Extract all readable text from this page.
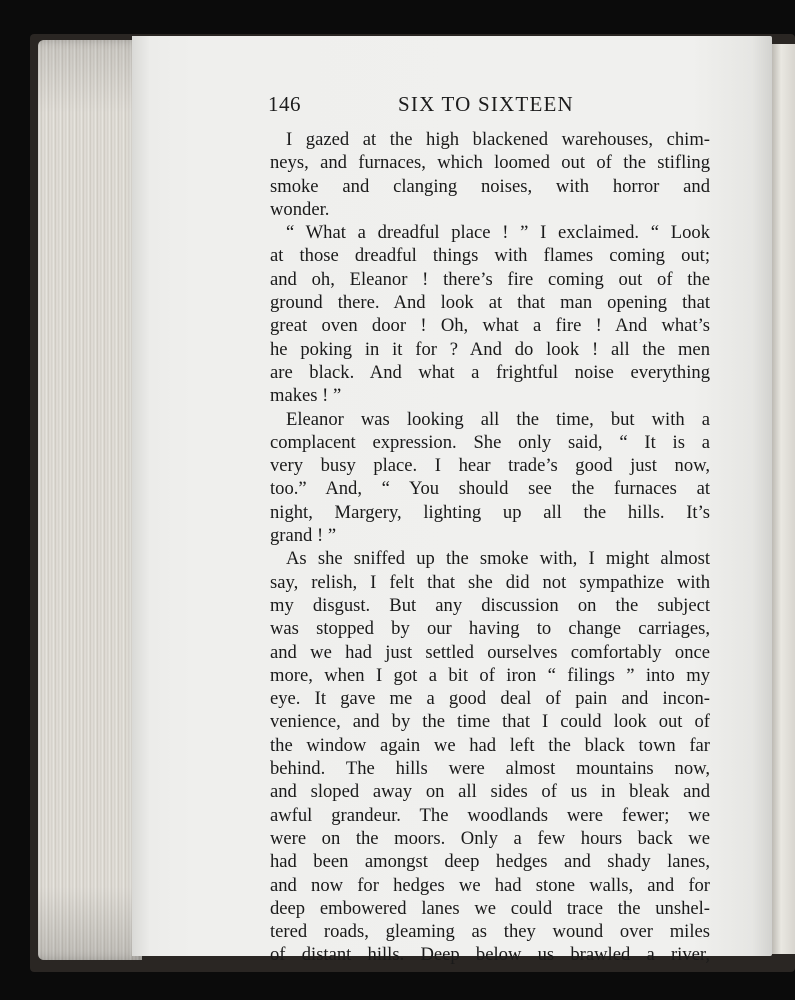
146	SIX TO SIXTEEN
I gazed at the high blackened warehouses, chim-
neys, and furnaces, which loomed out of the stifling
smoke and clanging noises, with horror and
wonder.
“ What a dreadful place ! ” I exclaimed. “ Look
at those dreadful things with flames coming out;
and oh, Eleanor ! there’s fire coming out of the
ground there. And look at that man opening that
great oven door ! Oh, what a fire ! And what’s
he poking in it for ? And do look ! all the men
are black. And what a frightful noise everything
makes ! ”
Eleanor was looking all the time, but with a
complacent expression. She only said, “ It is a
very busy place. I hear trade’s good just now,
too.” And, “ You should see the furnaces at
night, Margery, lighting up all the hills. It’s
grand ! ”
As she sniffed up the smoke with, I might almost
say, relish, I felt that she did not sympathize with
my disgust. But any discussion on the subject
was stopped by our having to change carriages,
and we had just settled ourselves comfortably once
more, when I got a bit of iron “ filings ” into my
eye. It gave me a good deal of pain and incon-
venience, and by the time that I could look out of
the window again we had left the black town far
behind. The hills were almost mountains now,
and sloped away on all sides of us in bleak and
awful grandeur. The woodlands were fewer; we
were on the moors. Only a few hours back we
had been amongst deep hedges and shady lanes,
and now for hedges we had stone walls, and for
deep embowered lanes we could trace the unshel-
tered roads, gleaming as they wound over miles
of distant hills. Deep below us brawled a river,
